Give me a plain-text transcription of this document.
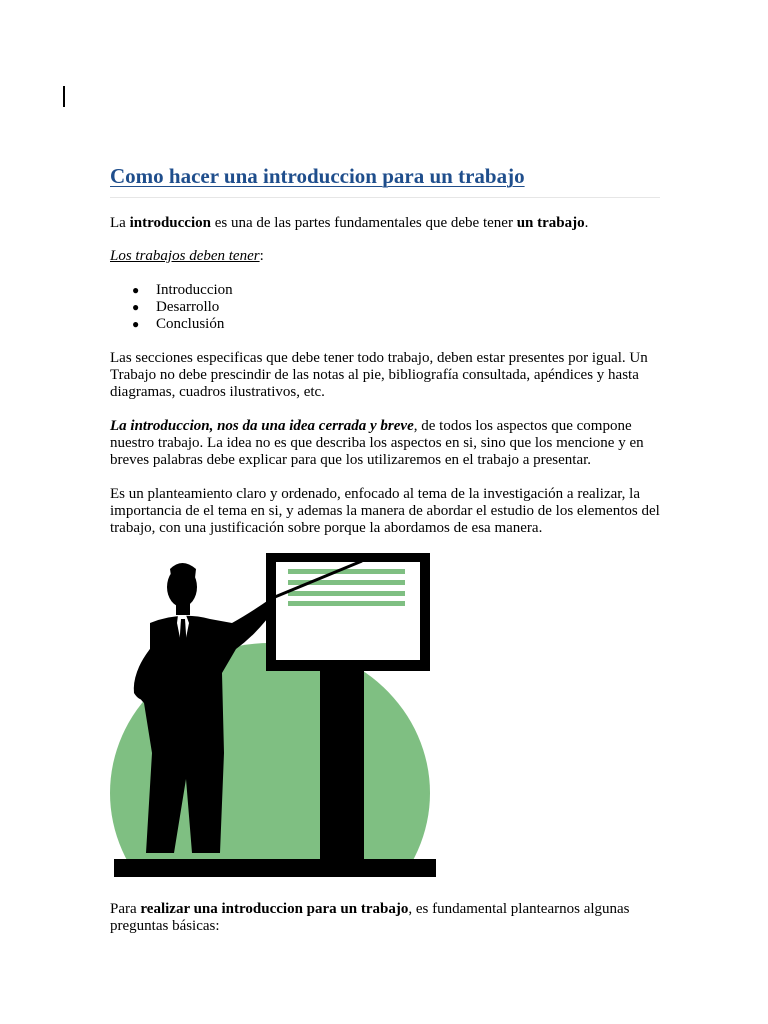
Como hacer una introduccion para un trabajo

La introduccion es una de las partes fundamentales que debe tener un trabajo.

Los trabajos deben tener:

● Introduccion
● Desarrollo
● Conclusión

Las secciones especificas que debe tener todo trabajo, deben estar presentes por igual. Un Trabajo no debe prescindir de las notas al pie, bibliografía consultada, apéndices y hasta diagramas, cuadros ilustrativos, etc.

La introduccion, nos da una idea cerrada y breve, de todos los aspectos que compone nuestro trabajo. La idea no es que describa los aspectos en si, sino que los mencione y en breves palabras debe explicar para que los utilizaremos en el trabajo a presentar.

Es un planteamiento claro y ordenado, enfocado al tema de la investigación a realizar, la importancia de el tema en si, y ademas la manera de abordar el estudio de los elementos del trabajo, con una justificación sobre porque la abordamos de esa manera.

Para realizar una introduccion para un trabajo, es fundamental plantearnos algunas preguntas básicas:
